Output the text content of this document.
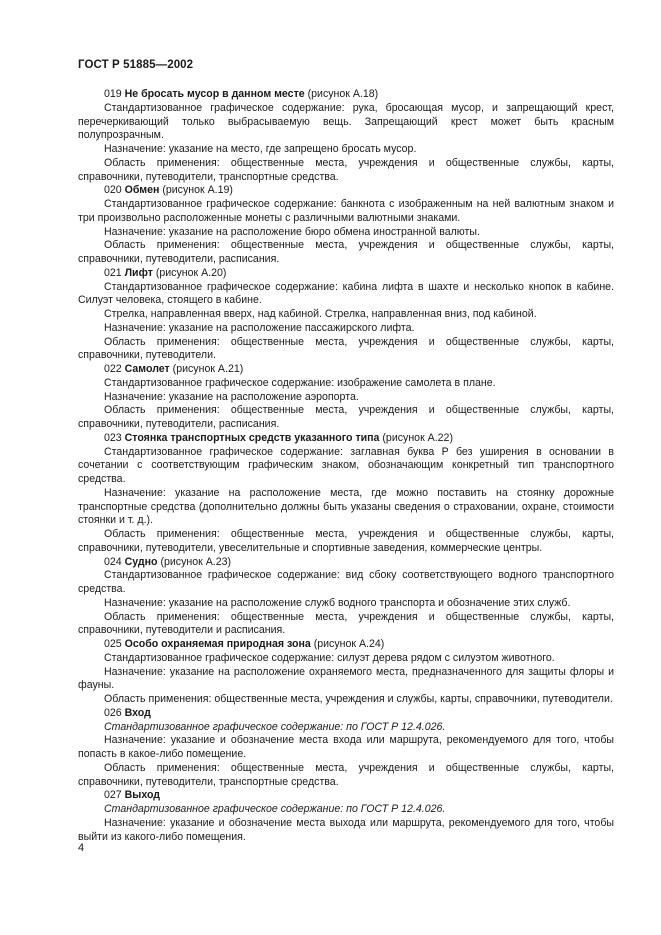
ГОСТ Р 51885—2002

019 Не бросать мусор в данном месте (рисунок А.18)

Стандартизованное графическое содержание: рука, бросающая мусор, и запрещающий крест, перечеркивающий только выбрасываемую вещь. Запрещающий крест может быть красным полупрозрачным.

Назначение: указание на место, где запрещено бросать мусор.

Область применения: общественные места, учреждения и общественные службы, карты, справочники, путеводители, транспортные средства.

020 Обмен (рисунок А.19)

Стандартизованное графическое содержание: банкнота с изображенным на ней валютным знаком и три произвольно расположенные монеты с различными валютными знаками.

Назначение: указание на расположение бюро обмена иностранной валюты.

Область применения: общественные места, учреждения и общественные службы, карты, справочники, путеводители, расписания.

021 Лифт (рисунок А.20)

Стандартизованное графическое содержание: кабина лифта в шахте и несколько кнопок в кабине. Силуэт человека, стоящего в кабине.

Стрелка, направленная вверх, над кабиной. Стрелка, направленная вниз, под кабиной.

Назначение: указание на расположение пассажирского лифта.

Область применения: общественные места, учреждения и общественные службы, карты, справочники, путеводители.

022 Самолет (рисунок А.21)

Стандартизованное графическое содержание: изображение самолета в плане.

Назначение: указание на расположение аэропорта.

Область применения: общественные места, учреждения и общественные службы, карты, справочники, путеводители, расписания.

023 Стоянка транспортных средств указанного типа (рисунок А.22)

Стандартизованное графическое содержание: заглавная буква Р без уширения в основании в сочетании с соответствующим графическим знаком, обозначающим конкретный тип транспортного средства.

Назначение: указание на расположение места, где можно поставить на стоянку дорожные транспортные средства (дополнительно должны быть указаны сведения о страховании, охране, стоимости стоянки и т. д.).

Область применения: общественные места, учреждения и общественные службы, карты, справочники, путеводители, увеселительные и спортивные заведения, коммерческие центры.

024 Судно (рисунок А.23)

Стандартизованное графическое содержание: вид сбоку соответствующего водного транспортного средства.

Назначение: указание на расположение служб водного транспорта и обозначение этих служб.

Область применения: общественные места, учреждения и общественные службы, карты, справочники, путеводители и расписания.

025 Особо охраняемая природная зона (рисунок А.24)

Стандартизованное графическое содержание: силуэт дерева рядом с силуэтом животного.

Назначение: указание на расположение охраняемого места, предназначенного для защиты флоры и фауны.

Область применения: общественные места, учреждения и службы, карты, справочники, путеводители.

026 Вход

Стандартизованное графическое содержание: по ГОСТ Р 12.4.026.

Назначение: указание и обозначение места входа или маршрута, рекомендуемого для того, чтобы попасть в какое-либо помещение.

Область применения: общественные места, учреждения и общественные службы, карты, справочники, путеводители, транспортные средства.

027 Выход

Стандартизованное графическое содержание: по ГОСТ Р 12.4.026.

Назначение: указание и обозначение места выхода или маршрута, рекомендуемого для того, чтобы выйти из какого-либо помещения.

4
